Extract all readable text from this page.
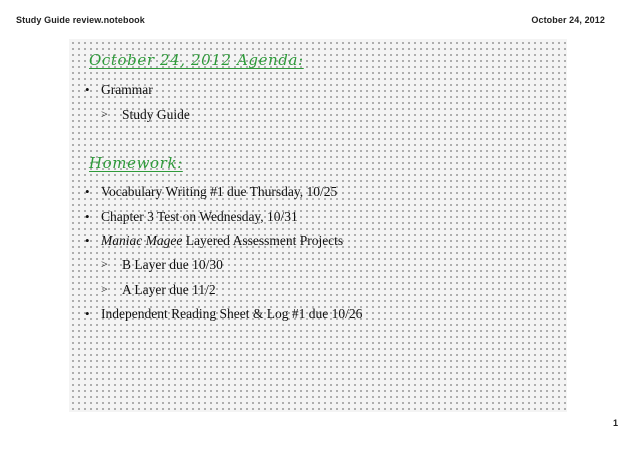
Study Guide review.notebook	October 24, 2012
October 24, 2012 Agenda:
• Grammar
> Study Guide
Homework:
• Vocabulary Writing #1 due Thursday, 10/25
• Chapter 3 Test on Wednesday, 10/31
• Maniac Magee Layered Assessment Projects
> B Layer due 10/30
> A Layer due 11/2
• Independent Reading Sheet & Log #1 due 10/26
1
